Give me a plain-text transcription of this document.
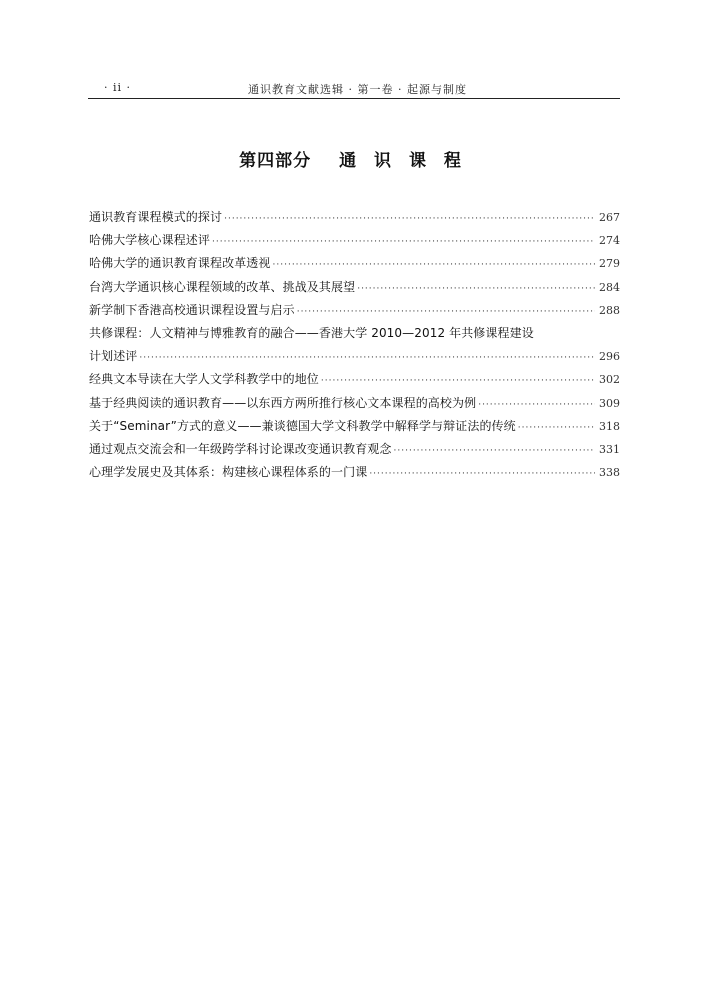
· ii ·	通识教育文献选辑 · 第一卷 · 起源与制度
第四部分 通 识 课 程
通识教育课程模式的探讨 ·····	267
哈佛大学核心课程述评 ·····	274
哈佛大学的通识教育课程改革透视 ·····	279
台湾大学通识核心课程领域的改革、挑战及其展望 ·····	284
新学制下香港高校通识课程设置与启示 ·····	288
共修课程：人文精神与博雅教育的融合——香港大学 2010—2012 年共修课程建设
计划述评 ·····	296
经典文本导读在大学人文学科教学中的地位 ·····	302
基于经典阅读的通识教育——以东西方两所推行核心文本课程的高校为例 ·····	309
关于“Seminar”方式的意义——兼谈德国大学文科教学中解释学与辩证法的传统 ·····	318
通过观点交流会和一年级跨学科讨论课改变通识教育观念 ·····	331
心理学发展史及其体系：构建核心课程体系的一门课 ·····	338
